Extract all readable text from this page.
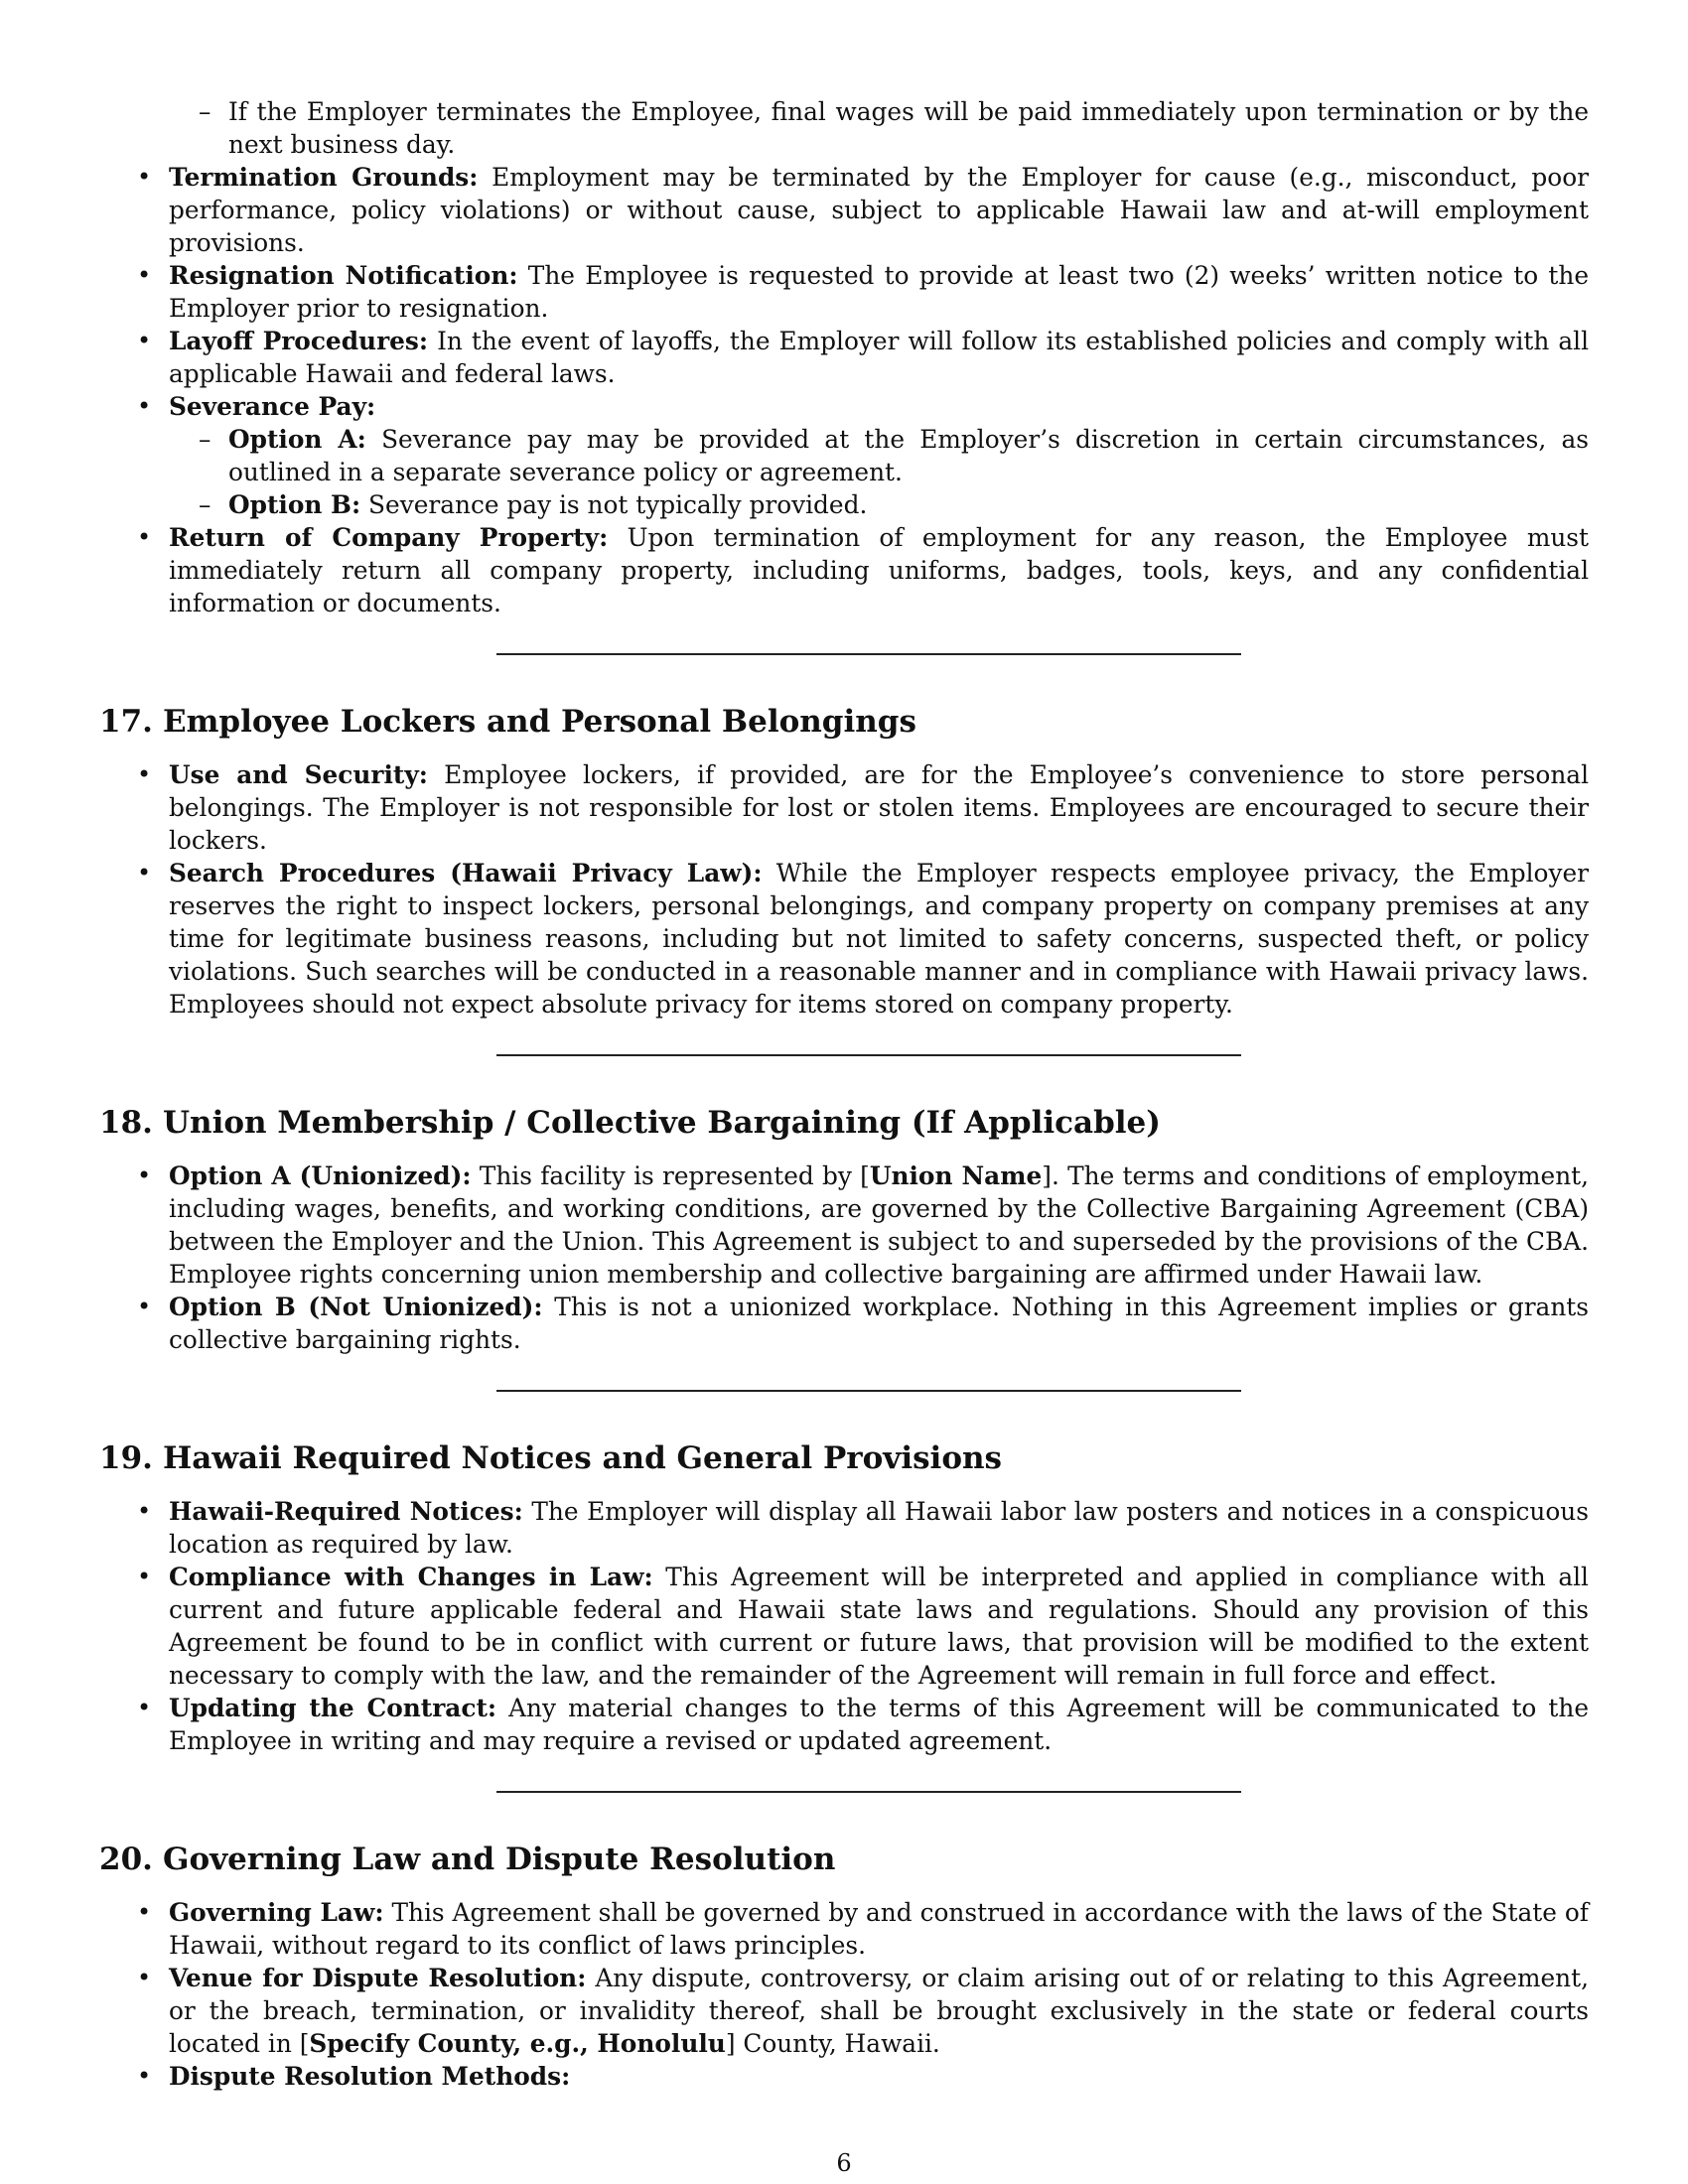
– If the Employer terminates the Employee, final wages will be paid immediately upon termination or by the next business day.
• Termination Grounds: Employment may be terminated by the Employer for cause (e.g., misconduct, poor performance, policy violations) or without cause, subject to applicable Hawaii law and at-will employment provisions.
• Resignation Notification: The Employee is requested to provide at least two (2) weeks’ written notice to the Employer prior to resignation.
• Layoff Procedures: In the event of layoffs, the Employer will follow its established policies and comply with all applicable Hawaii and federal laws.
• Severance Pay:
– Option A: Severance pay may be provided at the Employer’s discretion in certain circumstances, as outlined in a separate severance policy or agreement.
– Option B: Severance pay is not typically provided.
• Return of Company Property: Upon termination of employment for any reason, the Employee must immediately return all company property, including uniforms, badges, tools, keys, and any confidential information or documents.
17. Employee Lockers and Personal Belongings
• Use and Security: Employee lockers, if provided, are for the Employee’s convenience to store personal belongings. The Employer is not responsible for lost or stolen items. Employees are encouraged to secure their lockers.
• Search Procedures (Hawaii Privacy Law): While the Employer respects employee privacy, the Employer reserves the right to inspect lockers, personal belongings, and company property on company premises at any time for legitimate business reasons, including but not limited to safety concerns, suspected theft, or policy violations. Such searches will be conducted in a reasonable manner and in compliance with Hawaii privacy laws. Employees should not expect absolute privacy for items stored on company property.
18. Union Membership / Collective Bargaining (If Applicable)
• Option A (Unionized): This facility is represented by [Union Name]. The terms and conditions of employment, including wages, benefits, and working conditions, are governed by the Collective Bargaining Agreement (CBA) between the Employer and the Union. This Agreement is subject to and superseded by the provisions of the CBA. Employee rights concerning union membership and collective bargaining are affirmed under Hawaii law.
• Option B (Not Unionized): This is not a unionized workplace. Nothing in this Agreement implies or grants collective bargaining rights.
19. Hawaii Required Notices and General Provisions
• Hawaii-Required Notices: The Employer will display all Hawaii labor law posters and notices in a conspicuous location as required by law.
• Compliance with Changes in Law: This Agreement will be interpreted and applied in compliance with all current and future applicable federal and Hawaii state laws and regulations. Should any provision of this Agreement be found to be in conflict with current or future laws, that provision will be modified to the extent necessary to comply with the law, and the remainder of the Agreement will remain in full force and effect.
• Updating the Contract: Any material changes to the terms of this Agreement will be communicated to the Employee in writing and may require a revised or updated agreement.
20. Governing Law and Dispute Resolution
• Governing Law: This Agreement shall be governed by and construed in accordance with the laws of the State of Hawaii, without regard to its conflict of laws principles.
• Venue for Dispute Resolution: Any dispute, controversy, or claim arising out of or relating to this Agreement, or the breach, termination, or invalidity thereof, shall be brought exclusively in the state or federal courts located in [Specify County, e.g., Honolulu] County, Hawaii.
• Dispute Resolution Methods:
6
